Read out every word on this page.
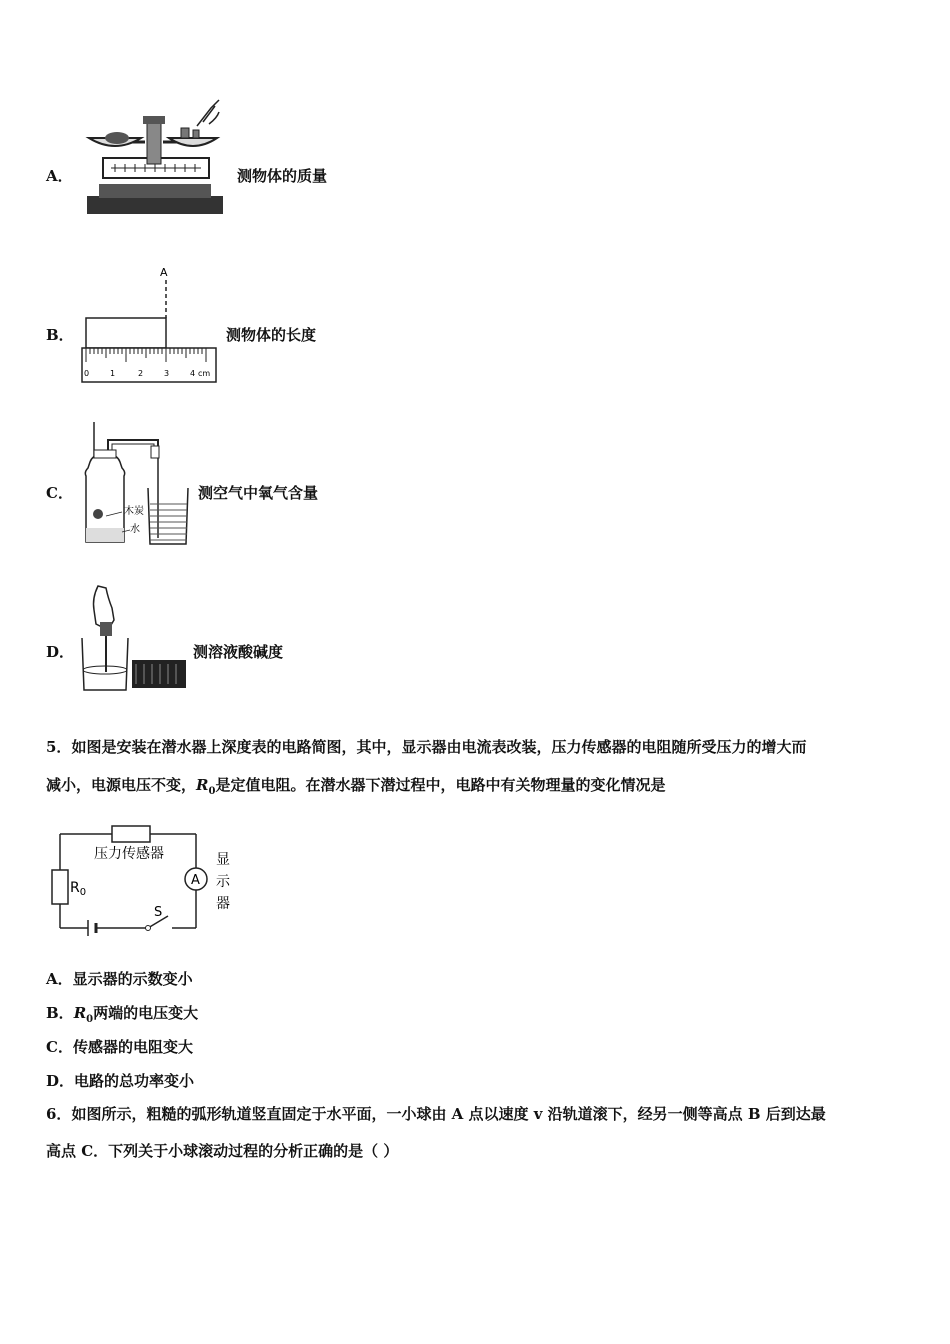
A．	测物体的质量
B．
A
0	1	2	3	4 cm
测物体的长度
C．
木炭
水
测空气中氧气含量
D．	测溶液酸碱度
5．如图是安装在潜水器上深度表的电路简图，其中，显示器由电流表改装，压力传感器的电阻随所受压力的增大而
减小，电源电压不变，$R_0$是定值电阻。在潜水器下潜过程中，电路中有关物理量的变化情况是
压力传感器
$R_0$
A
显
示
器
S
A．显示器的示数变小
B．$R_0$两端的电压变大
C．传感器的电阻变大
D．电路的总功率变小
6．如图所示，粗糙的弧形轨道竖直固定于水平面，一小球由 A 点以速度 v 沿轨道滚下，经另一侧等高点 B 后到达最
高点 C．下列关于小球滚动过程的分析正确的是（ ）
